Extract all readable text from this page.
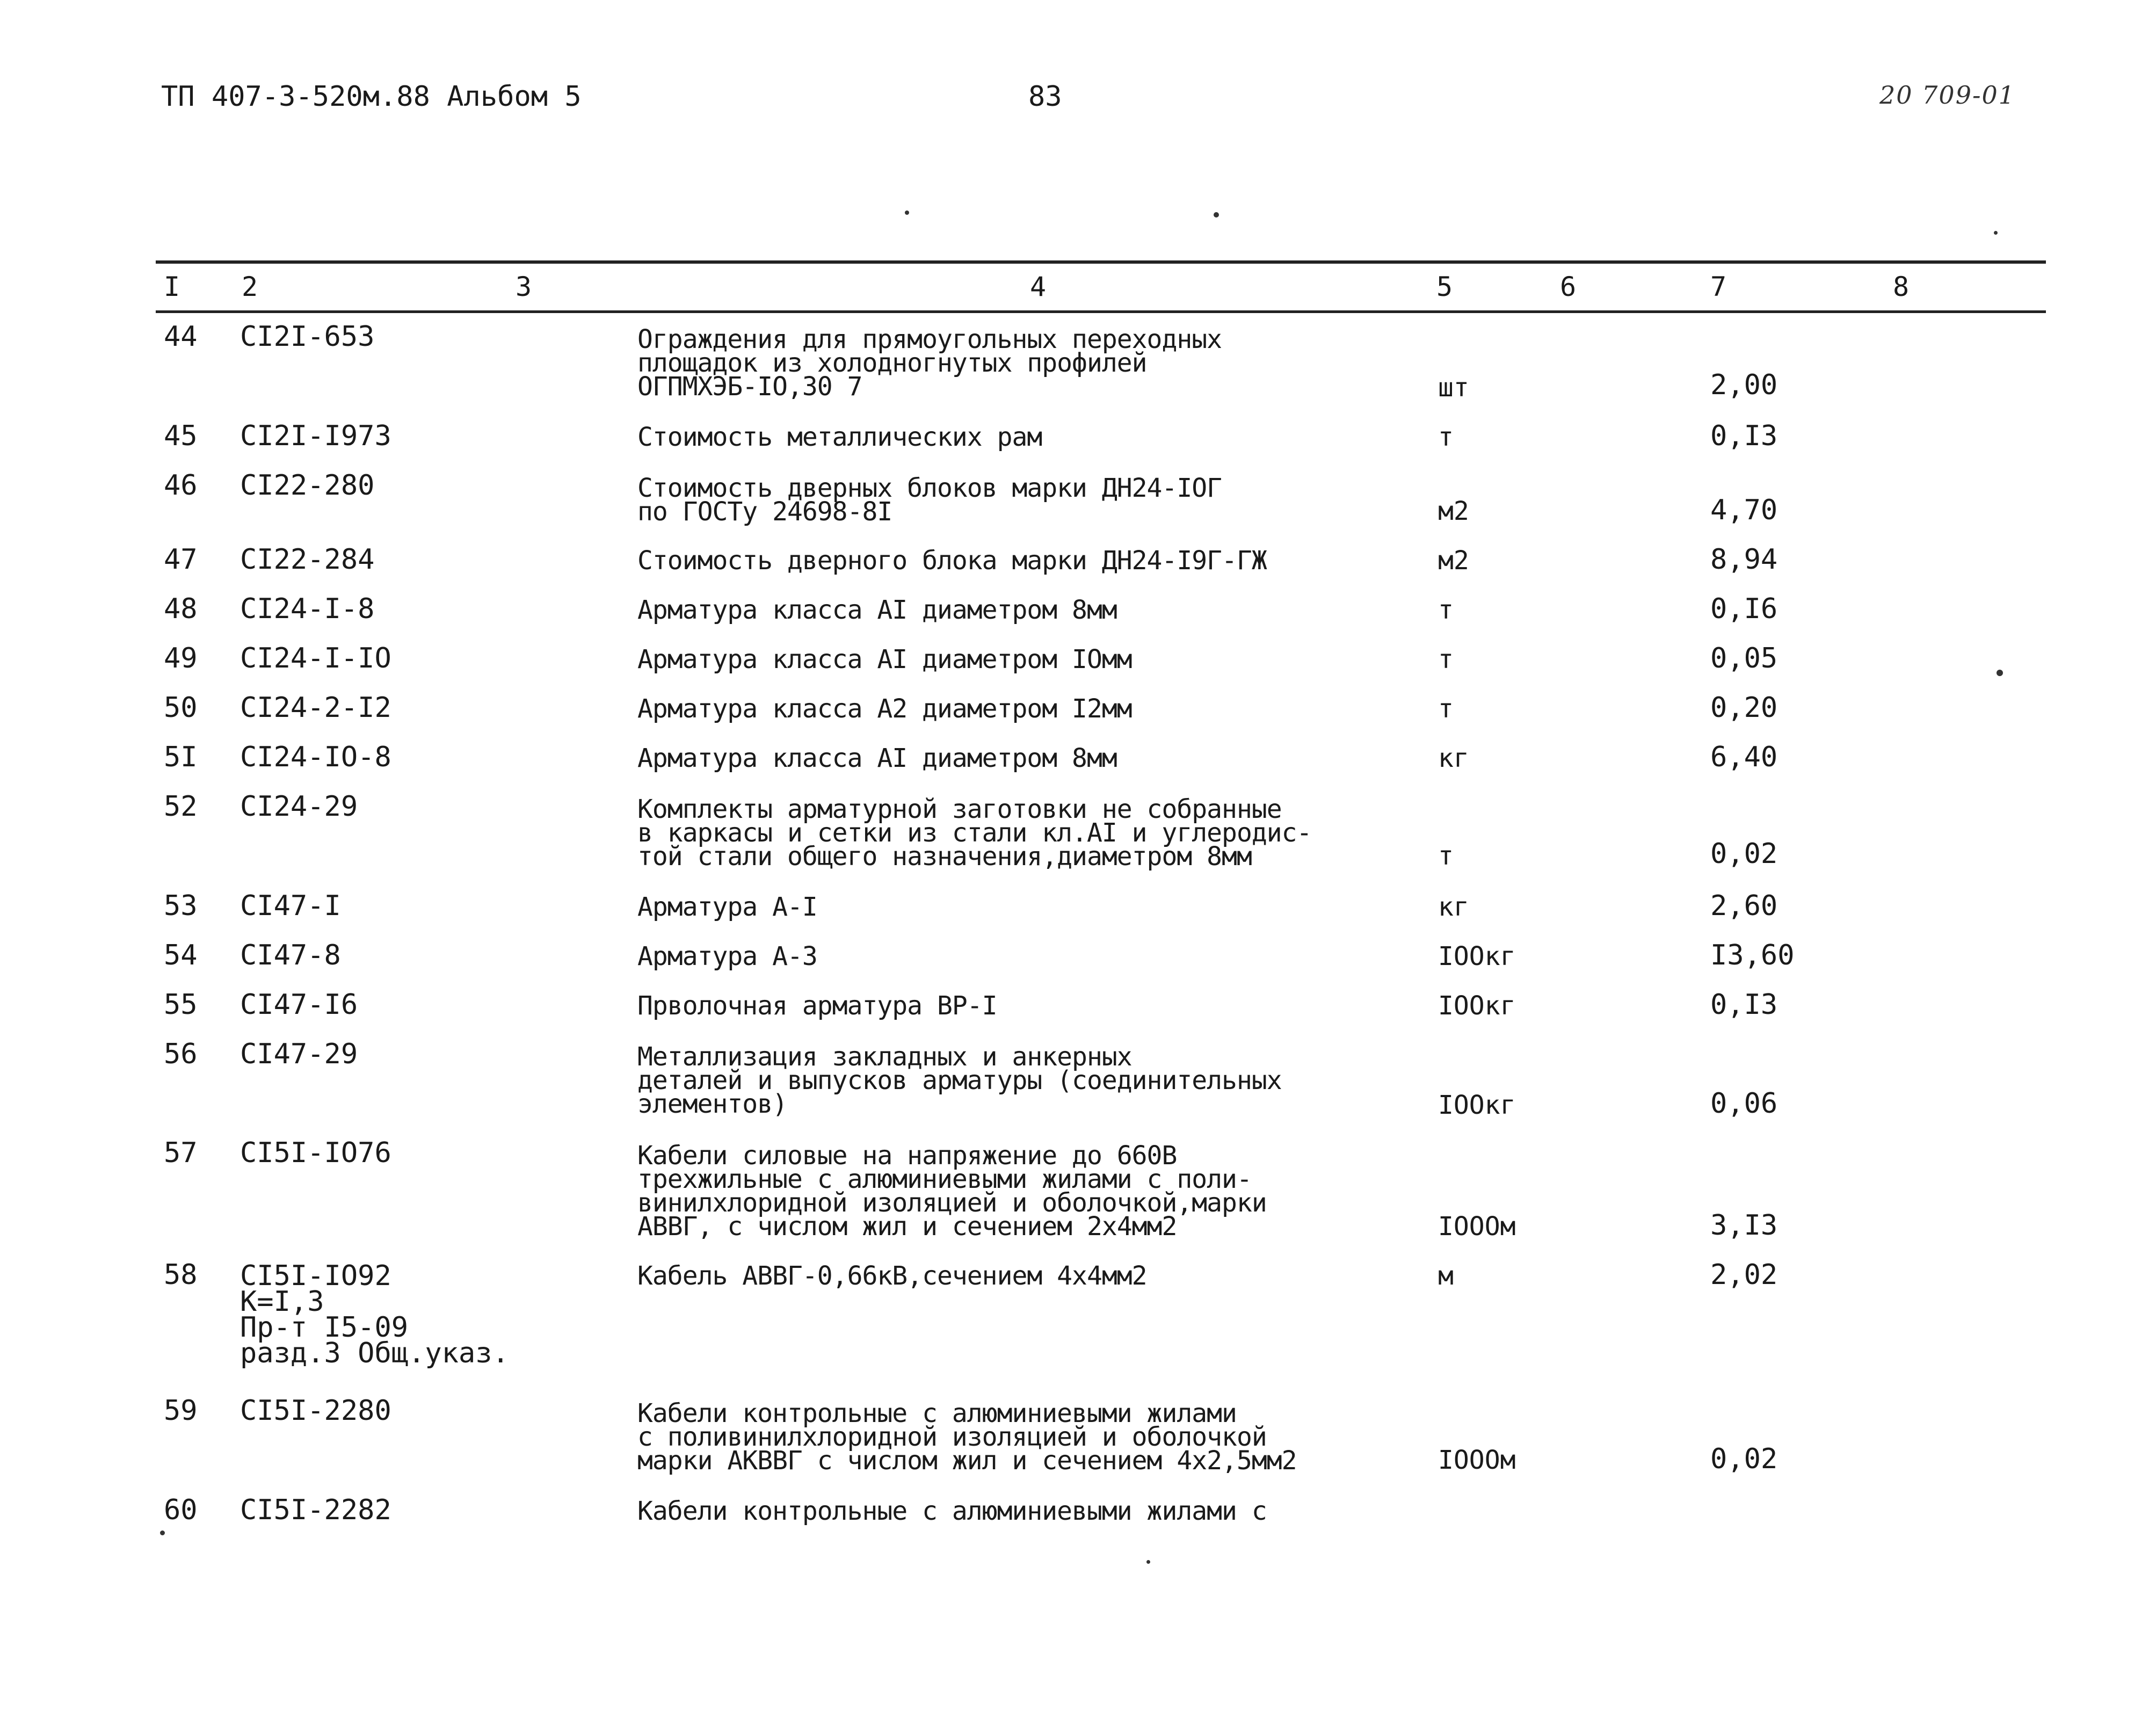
ТП 407-3-520м.88 Альбом 5	83	20 709-01
I 2	3	4	5	6	7	8
44 CI2I-653	Ограждения для прямоугольных переходных
площадок из холодногнутых профилей
ОГПМХЭБ-IO,30 7	шт	2,00
45 CI2I-I973	Стоимость металлических рам	т	0,I3
46 CI22-280	Стоимость дверных блоков марки ДН24-IОГ
по ГОСТу 24698-8I	м2	4,70
47 CI22-284	Стоимость дверного блока марки ДН24-I9Г-ГЖ	м2	8,94
48 CI24-I-8	Арматура класса АI диаметром 8мм	т	0,I6
49 CI24-I-IO	Арматура класса АI диаметром IОмм	т	0,05
50 CI24-2-I2	Арматура класса А2 диаметром I2мм	т	0,20
5I CI24-IO-8	Арматура класса АI диаметром 8мм	кг	6,40
52 CI24-29	Комплекты арматурной заготовки не собранные
в каркасы и сетки из стали кл.АI и углеродис-
той стали общего назначения,диаметром 8мм	т	0,02
53 CI47-I	Арматура А-I	кг	2,60
54 CI47-8	Арматура А-3	IOOкг	I3,60
55 CI47-I6	Прволочная арматура ВР-I	IOOкг	0,I3
56 CI47-29	Металлизация закладных и анкерных
деталей и выпусков арматуры (соединительных
элементов)	IOOкг	0,06
57 CI5I-IO76	Кабели силовые на напряжение до 660В
трехжильные с алюминиевыми жилами с поли-
винилхлоридной изоляцией и оболочкой,марки
АВВГ, с числом жил и сечением 2х4мм2	IOOOм	3,I3
58 CI5I-IO92
К=I,3
Пр-т I5-09
разд.3 Общ.указ.
Кабель АВВГ-0,66кВ,сечением 4х4мм2	м	2,02
59 CI5I-2280	Кабели контрольные с алюминиевыми жилами
с поливинилхлоридной изоляцией и оболочкой
марки АКВВГ с числом жил и сечением 4х2,5мм2	IOOOм	0,02
60 CI5I-2282	Кабели контрольные с алюминиевыми жилами с
